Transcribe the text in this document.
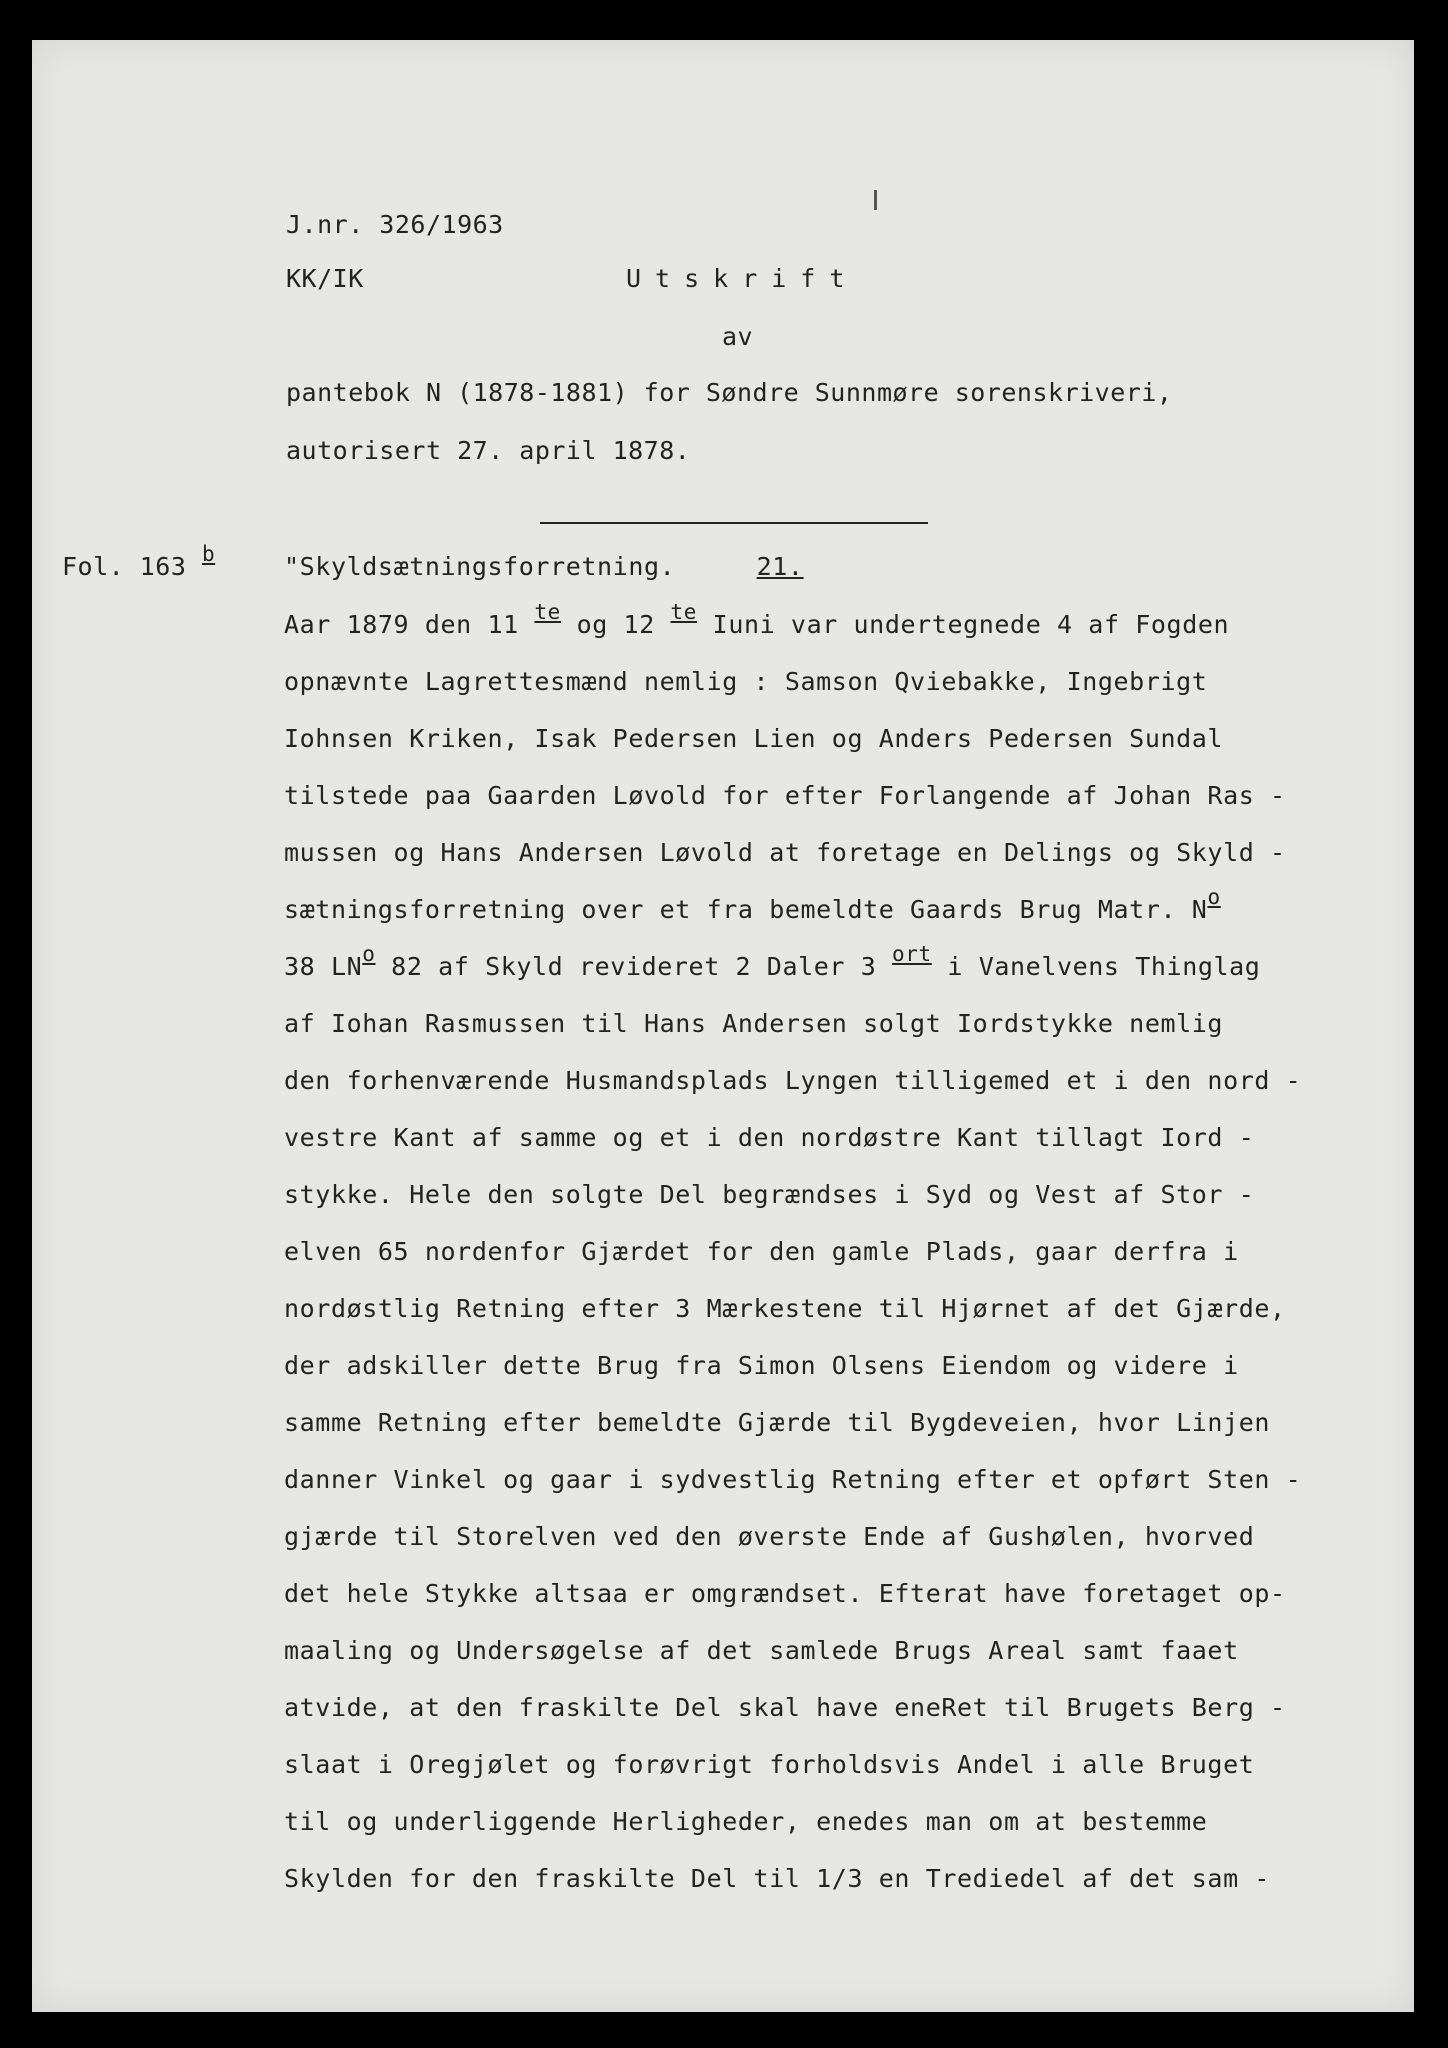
J.nr. 326/1963
KK/IK	Utskrift
av
pantebok N (1878-1881) for Søndre Sunnmøre sorenskriveri,
autorisert 27. april 1878.
Fol. 163 $^b$	"Skyldsætningsforretning.	21.
Aar 1879 den 11 $^{te}$ og 12 $^{te}$ Iuni var undertegnede 4 af Fogden
opnævnte Lagrettesmænd nemlig : Samson Qviebakke, Ingebrigt
Iohnsen Kriken, Isak Pedersen Lien og Anders Pedersen Sundal
tilstede paa Gaarden Løvold for efter Forlangende af Johan Ras -
mussen og Hans Andersen Løvold at foretage en Delings og Skyld -
sætningsforretning over et fra bemeldte Gaards Brug Matr. $N^o$
38 $LN^o$ 82 af Skyld revideret 2 Daler 3 $^{ort}$ i Vanelvens Thinglag
af Iohan Rasmussen til Hans Andersen solgt Iordstykke nemlig
den forhenværende Husmandsplads Lyngen tilligemed et i den nord -
vestre Kant af samme og et i den nordøstre Kant tillagt Iord -
stykke. Hele den solgte Del begrændses i Syd og Vest af Stor -
elven 65 nordenfor Gjærdet for den gamle Plads, gaar derfra i
nordøstlig Retning efter 3 Mærkestene til Hjørnet af det Gjærde,
der adskiller dette Brug fra Simon Olsens Eiendom og videre i
samme Retning efter bemeldte Gjærde til Bygdeveien, hvor Linjen
danner Vinkel og gaar i sydvestlig Retning efter et opført Sten -
gjærde til Storelven ved den øverste Ende af Gushølen, hvorved
det hele Stykke altsaa er omgrændset. Efterat have foretaget op-
maaling og Undersøgelse af det samlede Brugs Areal samt faaet
atvide, at den fraskilte Del skal have eneRet til Brugets Berg -
slaat i Oregjølet og forøvrigt forholdsvis Andel i alle Bruget
til og underliggende Herligheder, enedes man om at bestemme
Skylden for den fraskilte Del til 1/3 en Trediedel af det sam -
